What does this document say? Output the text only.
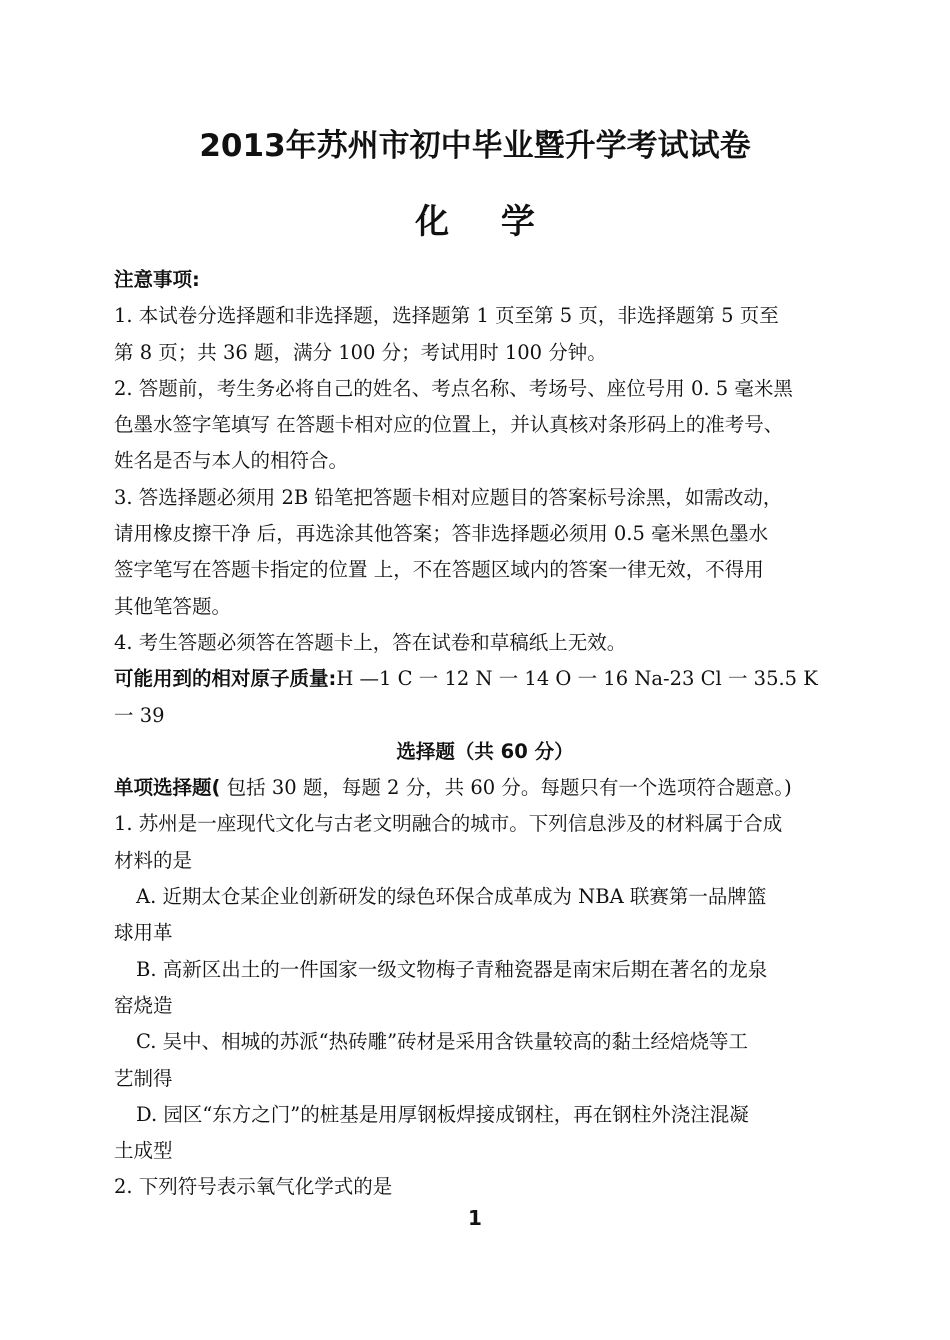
2013年苏州市初中毕业暨升学考试试卷
化 学
注意事项:
1. 本试卷分选择题和非选择题，选择题第 1 页至第 5 页，非选择题第 5 页至
第 8 页；共 36 题，满分 100 分；考试用时 100 分钟。
2. 答题前，考生务必将自己的姓名、考点名称、考场号、座位号用 0. 5 毫米黑
色墨水签字笔填写 在答题卡相对应的位置上，并认真核对条形码上的准考号、
姓名是否与本人的相符合。
3. 答选择题必须用 2B 铅笔把答题卡相对应题目的答案标号涂黑，如需改动，
请用橡皮擦干净 后，再选涂其他答案；答非选择题必须用 0.5 毫米黑色墨水
签字笔写在答题卡指定的位置 上，不在答题区域内的答案一律无效，不得用
其他笔答题。
4. 考生答题必须答在答题卡上，答在试卷和草稿纸上无效。
可能用到的相对原子质量:H —1 C 一 12 N 一 14 O 一 16 Na-23 Cl 一 35.5 K
一 39
选择题（共 60 分）
单项选择题( 包括 30 题，每题 2 分，共 60 分。每题只有一个选项符合题意。)
1. 苏州是一座现代文化与古老文明融合的城市。下列信息涉及的材料属于合成
材料的是
A. 近期太仓某企业创新研发的绿色环保合成革成为 NBA 联赛第一品牌篮
球用革
B. 高新区出土的一件国家一级文物梅子青釉瓷器是南宋后期在著名的龙泉
窑烧造
C. 吴中、相城的苏派“热砖雕”砖材是采用含铁量较高的黏土经焙烧等工
艺制得
D. 园区“东方之门”的桩基是用厚钢板焊接成钢柱，再在钢柱外浇注混凝
土成型
2. 下列符号表示氧气化学式的是
1
